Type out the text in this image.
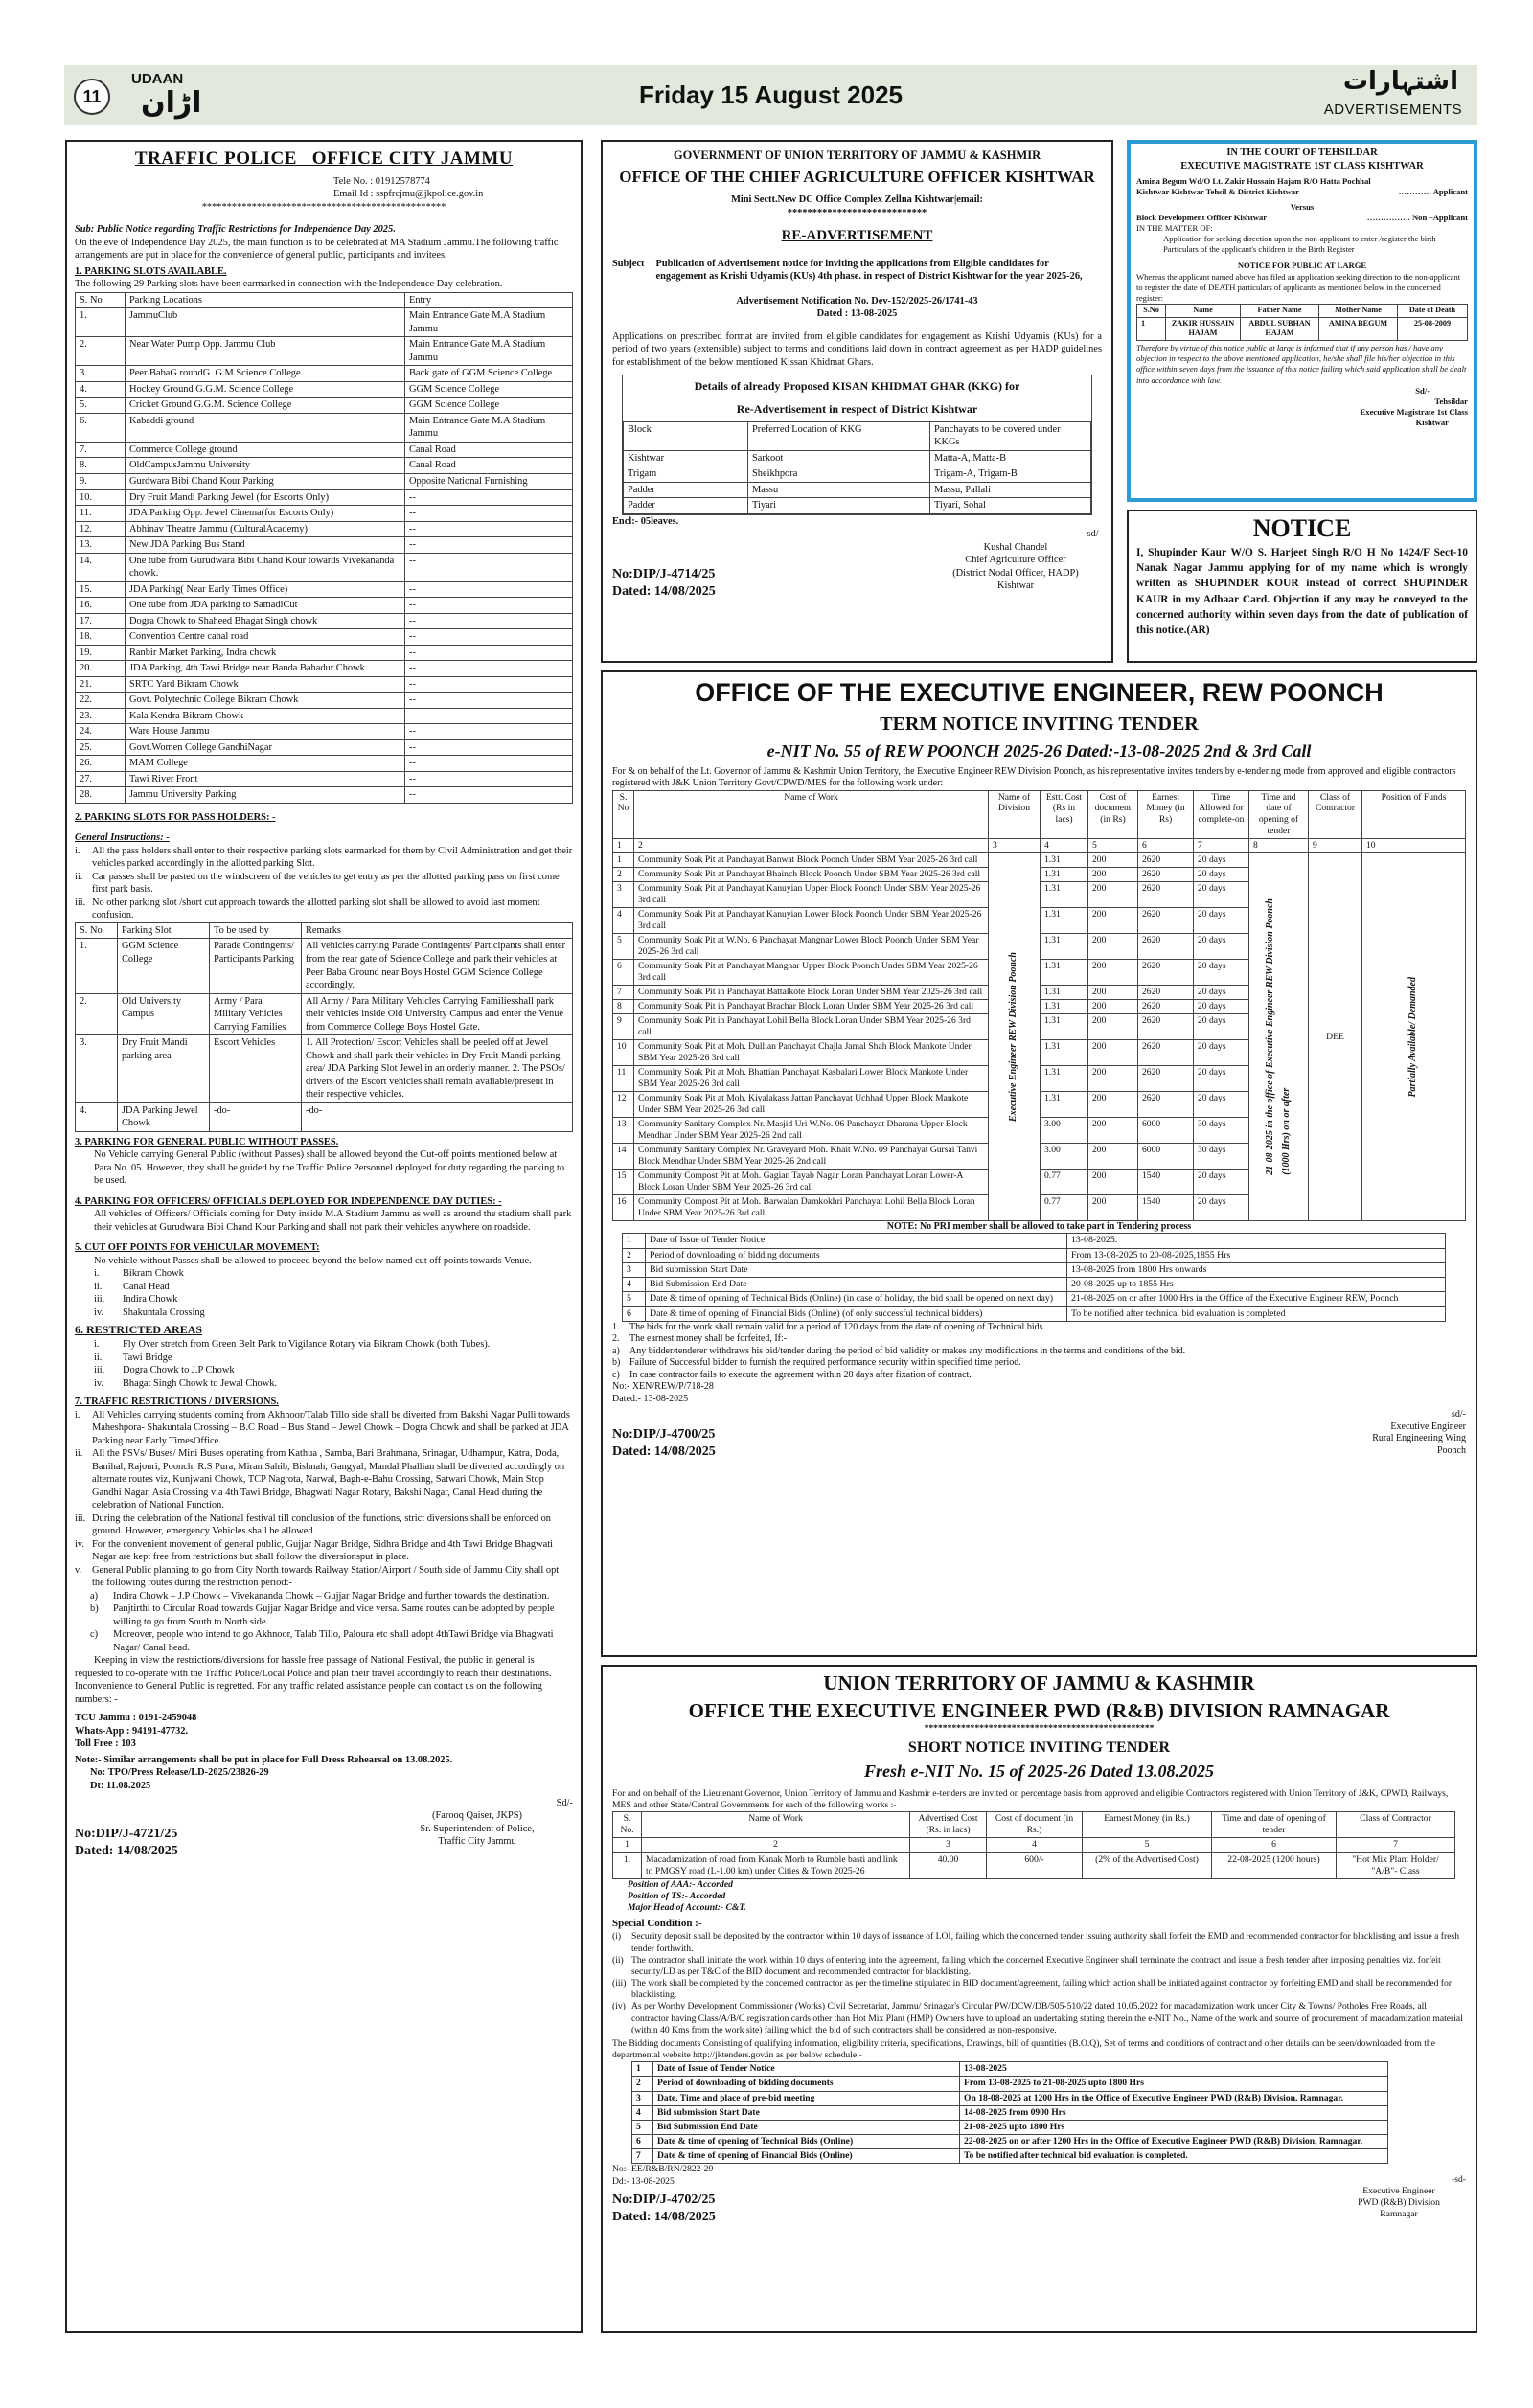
11
UDAAN
اڑان	Friday 15 August 2025	اشتہارات
ADVERTISEMENTS
TRAFFIC POLICE   OFFICE CITY JAMMU
Tele No. : 01912578774
Email Id : sspfrcjmu@jkpolice.gov.in
*************************************************
Sub: Public Notice regarding Traffic Restrictions for Independence Day 2025.
On the eve of Independence Day 2025, the main function is to be celebrated at MA Stadium Jammu.The following traffic arrangements are put in place for the convenience of general public, participants and invitees.
1. PARKING SLOTS AVAILABLE.
The following 29 Parking slots have been earmarked in connection with the Independence Day celebration.
S. No	Parking Locations	Entry
1.	JammuClub	Main Entrance Gate M.A Stadium Jammu
2.	Near Water Pump Opp. Jammu Club	Main Entrance Gate M.A Stadium Jammu
3.	Peer BabaG roundG .G.M.Science College	Back gate of GGM Science College
4.	Hockey Ground G.G.M. Science College	GGM Science College
5.	Cricket Ground G.G.M. Science College	GGM Science College
6.	Kabaddi ground	Main Entrance Gate M.A Stadium Jammu
7.	Commerce College ground	Canal Road
8.	OldCampusJammu University	Canal Road
9.	Gurdwara Bibi Chand Kour Parking	Opposite National Furnishing
10.	Dry Fruit Mandi Parking Jewel (for Escorts Only)	--
11.	JDA Parking Opp. Jewel Cinema(for Escorts Only)	--
12.	Abhinav Theatre Jammu (CulturalAcademy)	--
13.	New JDA Parking Bus Stand	--
14.	One tube from Gurudwara Bibi Chand Kour towards Vivekananda chowk.	--
15.	JDA Parking( Near Early Times Office)	--
16.	One tube from JDA parking to SamadiCut	--
17.	Dogra Chowk to Shaheed Bhagat Singh chowk	--
18.	Convention Centre canal road	--
19.	Ranbir Market Parking, Indra chowk	--
20.	JDA Parking, 4th Tawi Bridge near Banda Bahadur Chowk	--
21.	SRTC Yard Bikram Chowk	--
22.	Govt. Polytechnic College Bikram Chowk	--
23.	Kala Kendra Bikram Chowk	--
24.	Ware House Jammu	--
25.	Govt.Women College GandhiNagar	--
26.	MAM College	--
27.	Tawi River Front	--
28.	Jammu University Parking	--
2. PARKING SLOTS FOR PASS HOLDERS: -
General Instructions: -
i.	All the pass holders shall enter to their respective parking slots earmarked for them by Civil Administration and get their vehicles parked accordingly in the allotted parking Slot.
ii. Car passes shall be pasted on the windscreen of the vehicles to get entry as per the allotted parking pass on first come first park basis.
iii. No other parking slot /short cut approach towards the allotted parking slot shall be allowed to avoid last moment confusion.
S. No	Parking Slot	To be used by	Remarks
1.	GGM Science College	Parade Contingents/ Participants Parking	All vehicles carrying Parade Contingents/ Participants shall enter from the rear gate of Science College and park their vehicles at Peer Baba Ground near Boys Hostel GGM Science College accordingly.
2.	Old University Campus	Army / Para Military Vehicles Carrying Families	All Army / Para Military Vehicles Carrying Familiesshall park their vehicles inside Old University Campus and enter the Venue from Commerce College Boys Hostel Gate.
3.	Dry Fruit Mandi parking area	Escort Vehicles	1. All Protection/ Escort Vehicles shall be peeled off at Jewel Chowk and shall park their vehicles in Dry Fruit Mandi parking area/ JDA Parking Slot Jewel in an orderly manner. 2. The PSOs/ drivers of the Escort vehicles shall remain available/present in their respective vehicles.
4.	JDA Parking Jewel Chowk	-do-	-do-
3. PARKING FOR GENERAL PUBLIC WITHOUT PASSES.
No Vehicle carrying General Public (without Passes) shall be allowed beyond the Cut-off points mentioned below at Para No. 05. However, they shall be guided by the Traffic Police Personnel deployed for duty regarding the parking to be used.
4. PARKING FOR OFFICERS/ OFFICIALS DEPLOYED FOR INDEPENDENCE DAY DUTIES: -
All vehicles of Officers/ Officials coming for Duty inside M.A Stadium Jammu as well as around the stadium shall park their vehicles at Gurudwara Bibi Chand Kour Parking and shall not park their vehicles anywhere on roadside.
5. CUT OFF POINTS FOR VEHICULAR MOVEMENT:
No vehicle without Passes shall be allowed to proceed beyond the below named cut off points towards Venue.
i.	Bikram Chowk
ii.	Canal Head
iii.	Indira Chowk
iv.	Shakuntala Crossing
6. RESTRICTED AREAS
i.	Fly Over stretch from Green Belt Park to Vigilance Rotary via Bikram Chowk (both Tubes).
ii.	Tawi Bridge
iii.	Dogra Chowk to J.P Chowk
iv.	Bhagat Singh Chowk to Jewal Chowk.
7. TRAFFIC RESTRICTIONS / DIVERSIONS.
i.	All Vehicles carrying students coming from Akhnoor/Talab Tillo side shall be diverted from Bakshi Nagar Pulli towards Maheshpora- Shakuntala Crossing – B.C Road – Bus Stand – Jewel Chowk – Dogra Chowk and shall be parked at JDA Parking near Early TimesOffice.
ii. All the PSVs/ Buses/ Mini Buses operating from Kathua , Samba, Bari Brahmana, Srinagar, Udhampur, Katra, Doda, Banihal, Rajouri, Poonch, R.S Pura, Miran Sahib, Bishnah, Gangyal, Mandal Phallian shall be diverted accordingly on alternate routes viz, Kunjwani Chowk, TCP Nagrota, Narwal, Bagh-e-Bahu Crossing, Satwari Chowk, Main Stop Gandhi Nagar, Asia Crossing via 4th Tawi Bridge, Bhagwati Nagar Rotary, Bakshi Nagar, Canal Head during the celebration of National Function.
iii. During the celebration of the National festival till conclusion of the functions, strict diversions shall be enforced on ground. However, emergency Vehicles shall be allowed.
iv. For the convenient movement of general public, Gujjar Nagar Bridge, Sidhra Bridge and 4th Tawi Bridge Bhagwati Nagar are kept free from restrictions but shall follow the diversionsput in place.
v.	General Public planning to go from City North towards Railway Station/Airport / South side of Jammu City shall opt the following routes during the restriction period:-
a)	Indira Chowk – J.P Chowk – Vivekananda Chowk – Gujjar Nagar Bridge and further towards the destination.
b)	Panjtirthi to Circular Road towards Gujjar Nagar Bridge and vice versa. Same routes can be adopted by people willing to go from South to North side.
c)	Moreover, people who intend to go Akhnoor, Talab Tillo, Paloura etc shall adopt 4thTawi Bridge via Bhagwati Nagar/ Canal head.
Keeping in view the restrictions/diversions for hassle free passage of National Festival, the public in general is requested to co-operate with the Traffic Police/Local Police and plan their travel accordingly to reach their destinations. Inconvenience to General Public is regretted. For any traffic related assistance people can contact us on the following numbers: -
TCU Jammu : 0191-2459048
Whats-App : 94191-47732.
Toll Free : 103
Note:- Similar arrangements shall be put in place for Full Dress Rehearsal on 13.08.2025.
No: TPO/Press Release/LD-2025/23826-29
Dt: 11.08.2025
No:DIP/J-4721/25
Dated: 14/08/2025
Sd/-
(Farooq Qaiser, JKPS)
Sr. Superintendent of Police,
Traffic City Jammu
GOVERNMENT OF UNION TERRITORY OF JAMMU & KASHMIR
OFFICE OF THE CHIEF AGRICULTURE OFFICER KISHTWAR
Mini Sectt.New DC Office Complex Zellna Kishtwar|email:
****************************
RE-ADVERTISEMENT
Subject Publication of Advertisement notice for inviting the applications from Eligible candidates for engagement as Krishi Udyamis (KUs) 4th phase. in respect of District Kishtwar for the year 2025-26,
Advertisement Notification No. Dev-152/2025-26/1741-43
Dated : 13-08-2025
Applications on prescribed format are invited from eligible candidates for engagement as Krishi Udyamis (KUs) for a period of two years (extensible) subject to terms and conditions laid down in contract agreement as per HADP guidelines for establishment of the below mentioned Kissan Khidmat Ghars.
Details of already Proposed KISAN KHIDMAT GHAR (KKG) for
Re-Advertisement in respect of District Kishtwar
Block	Preferred Location of KKG	Panchayats to be covered under KKGs
Kishtwar	Sarkoot	Matta-A, Matta-B
Trigam	Sheikhpora	Trigam-A, Trigam-B
Padder	Massu	Massu, Pallali
Padder	Tiyari	Tiyari, Sohal
Encl:- 05leaves.
sd/-
Kushal Chandel
Chief Agriculture Officer
(District Nodal Officer, HADP)
Kishtwar
No:DIP/J-4714/25
Dated: 14/08/2025
IN THE COURT OF TEHSILDAR
EXECUTIVE MAGISTRATE 1ST CLASS KISHTWAR
Amina Begum Wd/O Lt. Zakir Hussain Hajam R/O Hatta Pochhal
Kishtwar Kishtwar Tehsil & District Kishtwar	………… Applicant
Versus
Block Development Officer Kishtwar	……………. Non –Applicant
IN THE MATTER OF:
Application for seeking direction upon the non-applicant to enter /register the birth Particulars of the applicant's children in the Birth Register
NOTICE FOR PUBLIC AT LARGE
Whereas the applicant named above has filed an application seeking direction to the non-applicant to register the date of DEATH particulars of applicants as mentioned below in the concerned register:
S.No	Name	Father Name	Mother Name	Date of Death
1	ZAKIR HUSSAIN HAJAM	ABDUL SUBHAN HAJAM	AMINA BEGUM	25-08-2009
Therefore by virtue of this notice public at large is informed that if any person has / have any objection in respect to the above mentioned application, he/she shall file his/her objection in this office within seven days from the issuance of this notice failing which said application shall be dealt into accordance with law.
Sd/-
Tehsildar
Executive Magistrate 1st Class
Kishtwar
NOTICE
I, Shupinder Kaur W/O S. Harjeet Singh R/O H No 1424/F Sect-10 Nanak Nagar Jammu applying for of my name which is wrongly written as SHUPINDER KOUR instead of correct SHUPINDER KAUR in my Adhaar Card. Objection if any may be conveyed to the concerned authority within seven days from the date of publication of this notice.(AR)
OFFICE OF THE EXECUTIVE ENGINEER, REW POONCH
TERM NOTICE INVITING TENDER
e-NIT No. 55 of REW POONCH 2025-26 Dated:-13-08-2025 2nd & 3rd Call
For & on behalf of the Lt. Governor of Jammu & Kashmir Union Territory, the Executive Engineer REW Division Poonch, as his representative invites tenders by e-tendering mode from approved and eligible contractors registered with J&K Union Territory Govt/CPWD/MES for the following work under:
S. No	Name of Work	Name of Division	Estt. Cost (Rs in lacs)	Cost of document (in Rs)	Earnest Money (in Rs)	Time Allowed for complete-on	Time and date of opening of tender	Class of Contractor	Position of Funds
1	2	3	4	5	6	7	8	9	10
1	Community Soak Pit at Panchayat Banwat Block Poonch Under SBM Year 2025-26 3rd call	Executive Engineer REW Division Poonch	1.31	200	2620	20 days	21-08-2025 in the office of Executive Engineer REW Division Poonch (1000 Hrs) on or after	DEE	Partially Available/ Demanded

2	Community Soak Pit at Panchayat Bhainch Block Poonch Under SBM Year 2025-26 3rd call		1.31	200	2620	20 days			
3	Community Soak Pit at Panchayat Kanuyian Upper Block Poonch Under SBM Year 2025-26 3rd call		1.31	200	2620	20 days			
4	Community Soak Pit at Panchayat Kanuyian Lower Block Poonch Under SBM Year 2025-26 3rd call		1.31	200	2620	20 days			
5	Community Soak Pit at W.No. 6 Panchayat Mangnar Lower Block Poonch Under SBM Year 2025-26 3rd call		1.31	200	2620	20 days			
6	Community Soak Pit at Panchayat Mangnar Upper Block Poonch Under SBM Year 2025-26 3rd call		1.31	200	2620	20 days			
7	Community Soak Pit in Panchayat Battalkote Block Loran Under SBM Year 2025-26 3rd call		1.31	200	2620	20 days			
8	Community Soak Pit in Panchayat Brachar Block Loran Under SBM Year 2025-26 3rd call		1.31	200	2620	20 days			
9	Community Soak Pit in Panchayat Lohil Bella Block Loran Under SBM Year 2025-26 3rd call		1.31	200	2620	20 days			
10	Community Soak Pit at Moh. Dullian Panchayat Chajla Jamal Shah Block Mankote Under SBM Year 2025-26 3rd call		1.31	200	2620	20 days			
11	Community Soak Pit at Moh. Bhattian Panchayat Kasbalari Lower Block Mankote Under SBM Year 2025-26 3rd call		1.31	200	2620	20 days			
12	Community Soak Pit at Moh. Kiyalakass Jattan Panchayat Uchhad Upper Block Mankote Under SBM Year 2025-26 3rd call		1.31	200	2620	20 days			
13	Community Sanitary Complex Nr. Masjid Uri W.No. 06 Panchayat Dharana Upper Block Mendhar Under SBM Year 2025-26 2nd call		3.00	200	6000	30 days			
14	Community Sanitary Complex Nr. Graveyard Moh. Khait W.No. 09 Panchayat Gursai Tanvi Block Mendhar Under SBM Year 2025-26 2nd call		3.00	200	6000	30 days			
15	Community Compost Pit at Moh. Gagian Tayab Nagar Loran Panchayat Loran Lower-A Block Loran Under SBM Year 2025-26 3rd call		0.77	200	1540	20 days			
16	Community Compost Pit at Moh. Barwalan Damkokhri Panchayat Lohil Bella Block Loran Under SBM Year 2025-26 3rd call		0.77	200	1540	20 days			
NOTE: No PRI member shall be allowed to take part in Tendering process
1	Date of Issue of Tender Notice	13-08-2025.
2	Period of downloading of bidding documents	From 13-08-2025 to 20-08-2025,1855 Hrs
3	Bid submission Start Date	13-08-2025 from 1800 Hrs onwards
4	Bid Submission End Date	20-08-2025 up to 1855 Hrs
5	Date & time of opening of Technical Bids (Online) (in case of holiday, the bid shall be opened on next day)	21-08-2025 on or after 1000 Hrs in the Office of the Executive Engineer REW, Poonch
6	Date & time of opening of Financial Bids (Online) (of only successful technical bidders)	To be notified after technical bid evaluation is completed
1.	The bids for the work shall remain valid for a period of 120 days from the date of opening of Technical bids.
2.	The earnest money shall be forfeited, If:-
a)	Any bidder/tenderer withdraws his bid/tender during the period of bid validity or makes any modifications in the terms and conditions of the bid.
b) Failure of Successful bidder to furnish the required performance security within specified time period.
c)	In case contractor fails to execute the agreement within 28 days after fixation of contract.
No:- XEN/REW/P/718-28
Dated:- 13-08-2025
No:DIP/J-4700/25
Dated: 14/08/2025
sd/-
Executive Engineer
Rural Engineering Wing
Poonch
UNION TERRITORY OF JAMMU & KASHMIR
OFFICE THE EXECUTIVE ENGINEER PWD (R&B) DIVISION RAMNAGAR
**************************************************
SHORT NOTICE INVITING TENDER
Fresh e-NIT No. 15 of 2025-26 Dated 13.08.2025
For and on behalf of the Lieutenant Governor, Union Territory of Jammu and Kashmir e-tenders are invited on percentage basis from approved and eligible Contractors registered with Union Territory of J&K, CPWD, Railways, MES and other State/Central Governments for each of the following works :-
S. No.	Name of Work	Advertised Cost (Rs. in lacs)	Cost of document (in Rs.)	Earnest Money (in Rs.)	Time and date of opening of tender	Class of Contractor
1	2	3	4	5	6	7
1.	Macadamization of road from Kanak Morh to Rumble basti and link to PMGSY road (L-1.00 km) under Cities & Town 2025-26	40.00	600/-	(2% of the Advertised Cost)	22-08-2025 (1200 hours)	"Hot Mix Plant Holder/ "A/B"- Class
Position of AAA:- Accorded
Position of TS:- Accorded
Major Head of Account:- C&T.
Special Condition :-
(i)	Security deposit shall be deposited by the contractor within 10 days of issuance of LOI, failing which the concerned tender issuing authority shall forfeit the EMD and recommended contractor for blacklisting and issue a fresh tender forthwith.
(ii) The contractor shall initiate the work within 10 days of entering into the agreement, failing which the concerned Executive Engineer shall terminate the contract and issue a fresh tender after imposing penalties viz. forfeit security/LD as per T&C of the BID document and recommended contractor for blacklisting.
(iii) The work shall be completed by the concerned contractor as per the timeline stipulated in BID document/agreement, failing which action shall be initiated against contractor by forfeiting EMD and shall be recommended for blacklisting.
(iv) As per Worthy Development Commissioner (Works) Civil Secretariat, Jammu/ Srinagar's Circular PW/DCW/DB/505-510/22 dated 10.05.2022 for macadamization work under City & Towns/ Potholes Free Roads, all contractor having Class/A/B/C registration cards other than Hot Mix Plant (HMP) Owners have to upload an undertaking stating therein the e-NIT No., Name of the work and source of procurement of macadamization material (within 40 Kms from the work site) failing which the bid of such contractors shall be considered as non-responsive.
The Bidding documents Consisting of qualifying information, eligibility criteria, specifications, Drawings, bill of quantities (B.O.Q), Set of terms and conditions of contract and other details can be seen/downloaded from the departmental website http://jktenders.gov.in as per below schedule:-
1	Date of Issue of Tender Notice	13-08-2025
2	Period of downloading of bidding documents	From 13-08-2025 to 21-08-2025 upto 1800 Hrs
3	Date, Time and place of pre-bid meeting	On 18-08-2025 at 1200 Hrs in the Office of Executive Engineer PWD (R&B) Division, Ramnagar.
4	Bid submission Start Date	14-08-2025 from 0900 Hrs
5	Bid Submission End Date	21-08-2025 upto 1800 Hrs
6	Date & time of opening of Technical Bids (Online)	22-08-2025 on or after 1200 Hrs in the Office of Executive Engineer PWD (R&B) Division, Ramnagar.
7	Date & time of opening of Financial Bids (Online)	To be notified after technical bid evaluation is completed.
No:- EE/R&B/RN/2822-29
Dd:- 13-08-2025
No:DIP/J-4702/25
Dated: 14/08/2025
-sd-
Executive Engineer
PWD (R&B) Division
Ramnagar
